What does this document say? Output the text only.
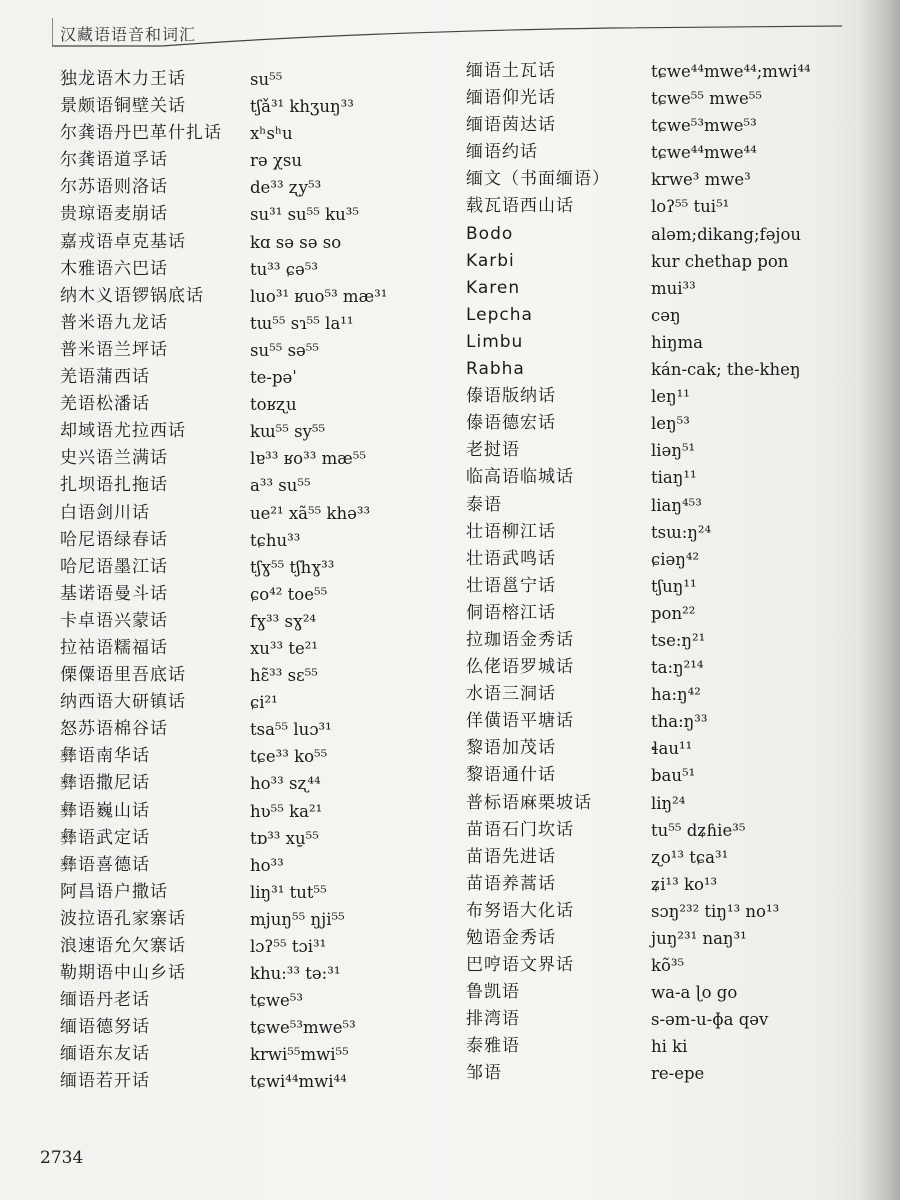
汉藏语语音和词汇
独龙语木力王话
景颇语铜壁关话
尔龚语丹巴革什扎话
尔龚语道孚话
尔苏语则洛话
贵琼语麦崩话
嘉戎语卓克基话
木雅语六巴话
纳木义语锣锅底话
普米语九龙话
普米语兰坪话
羌语蒲西话
羌语松潘话
却域语尤拉西话
史兴语兰满话
扎坝语扎拖话
白语剑川话
哈尼语绿春话
哈尼语墨江话
基诺语曼斗话
卡卓语兴蒙话
拉祜语糯福话
傈僳语里吾底话
纳西语大研镇话
怒苏语棉谷话
彝语南华话
彝语撒尼话
彝语巍山话
彝语武定话
彝语喜德话
阿昌语户撒话
波拉语孔家寨话
浪速语允欠寨话
勒期语中山乡话
缅语丹老话
缅语德努话
缅语东友话
缅语若开话
su⁵⁵
tʃǎ³¹ khʒuŋ³³
xʰsʰu
rə χsu
de³³ ʐy⁵³
su³¹ su⁵⁵ ku³⁵
kɑ sə sə so
tu³³ ɕə⁵³
luo³¹ ʁuo⁵³ mæ³¹
tɯ⁵⁵ sɿ⁵⁵ la¹¹
su⁵⁵ sə⁵⁵
te-pəˈ
toʁʐu
kɯ⁵⁵ sy⁵⁵
lɐ³³ ʁo³³ mæ⁵⁵
a³³ su⁵⁵
ue²¹ xã⁵⁵ khə³³
tɕhu³³
tʃɣ⁵⁵ tʃhɣ³³
ɕo⁴² toe⁵⁵
fɣ³³ sɣ²⁴
xu³³ te²¹
hɛ̃³³ sɛ⁵⁵
ɕi²¹
tsa⁵⁵ luɔ³¹
tɕe³³ ko⁵⁵
ho³³ sʐ⁴⁴
hʋ⁵⁵ ka²¹
tɒ³³ xu̱⁵⁵
ho³³
liŋ³¹ tut⁵⁵
mjuŋ⁵⁵ ŋji⁵⁵
lɔʔ⁵⁵ tɔi³¹
khu:³³ tə:³¹
tɕwe⁵³
tɕwe⁵³mwe⁵³
krwi⁵⁵mwi⁵⁵
tɕwi⁴⁴mwi⁴⁴
缅语土瓦话
缅语仰光话
缅语茵达话
缅语约话
缅文（书面缅语）
载瓦语西山话
Bodo
Karbi
Karen
Lepcha
Limbu
Rabha
傣语版纳话
傣语德宏话
老挝语
临高语临城话
泰语
壮语柳江话
壮语武鸣话
壮语邕宁话
侗语榕江话
拉珈语金秀话
仫佬语罗城话
水语三洞话
佯僙语平塘话
黎语加茂话
黎语通什话
普标语麻栗坡话
苗语石门坎话
苗语先进话
苗语养蒿话
布努语大化话
勉语金秀话
巴哼语文界话
鲁凯语
排湾语
泰雅语
邹语
tɕwe⁴⁴mwe⁴⁴;mwi⁴⁴
tɕwe⁵⁵ mwe⁵⁵
tɕwe⁵³mwe⁵³
tɕwe⁴⁴mwe⁴⁴
krwe³ mwe³
loʔ⁵⁵ tui⁵¹
aləm;dikang;fəjou
kur chethap pon
mui³³
cəŋ
hiŋma
kán-cak; the-kheŋ
leŋ¹¹
leŋ⁵³
liəŋ⁵¹
tiaŋ¹¹
liaŋ⁴⁵³
tsɯ:ŋ²⁴
ɕiəŋ⁴²
tʃuŋ¹¹
pon²²
tse:ŋ²¹
ta:ŋ²¹⁴
ha:ŋ⁴²
tha:ŋ³³
ɬau¹¹
bau⁵¹
liŋ²⁴
tu⁵⁵ dʑɦie³⁵
ʐo¹³ tɕa³¹
ʑi¹³ ko¹³
sɔŋ²³² tiŋ¹³ no¹³
juŋ²³¹ naŋ³¹
kõ³⁵
wa-a ɭo go
s-əm-u-ɸa qəv
hi ki
re-epe
2734
